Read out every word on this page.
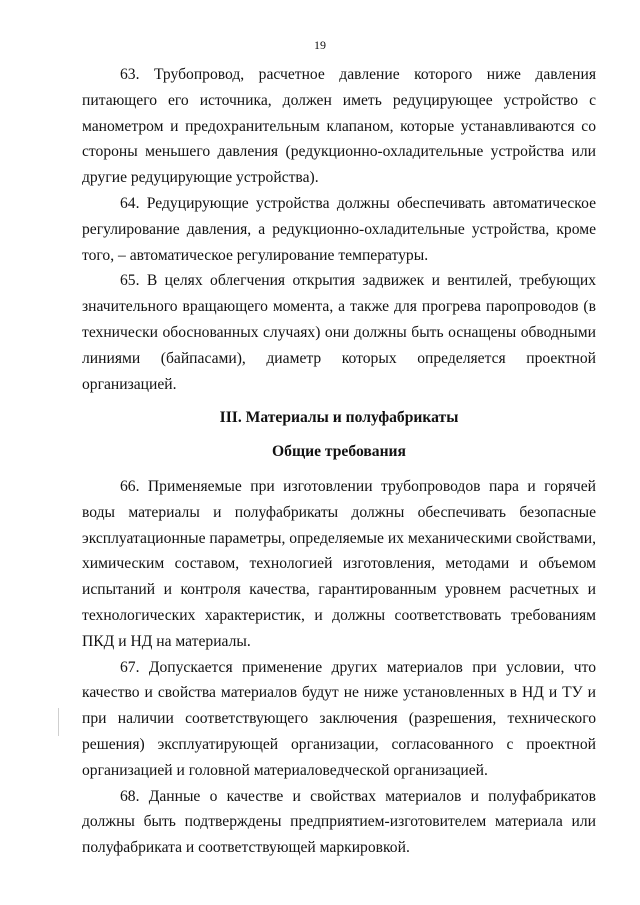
19

63. Трубопровод, расчетное давление которого ниже давления питающего его источника, должен иметь редуцирующее устройство с манометром и предохранительным клапаном, которые устанавливаются со стороны меньшего давления (редукционно-охладительные устройства или другие редуцирующие устройства).

64. Редуцирующие устройства должны обеспечивать автоматическое регулирование давления, а редукционно-охладительные устройства, кроме того, – автоматическое регулирование температуры.

65. В целях облегчения открытия задвижек и вентилей, требующих значительного вращающего момента, а также для прогрева паропроводов (в технически обоснованных случаях) они должны быть оснащены обводными линиями (байпасами), диаметр которых определяется проектной организацией.

III. Материалы и полуфабрикаты

Общие требования

66. Применяемые при изготовлении трубопроводов пара и горячей воды материалы и полуфабрикаты должны обеспечивать безопасные эксплуатационные параметры, определяемые их механическими свойствами, химическим составом, технологией изготовления, методами и объемом испытаний и контроля качества, гарантированным уровнем расчетных и технологических характеристик, и должны соответствовать требованиям ПКД и НД на материалы.

67. Допускается применение других материалов при условии, что качество и свойства материалов будут не ниже установленных в НД и ТУ и при наличии соответствующего заключения (разрешения, технического решения) эксплуатирующей организации, согласованного с проектной организацией и головной материаловедческой организацией.

68. Данные о качестве и свойствах материалов и полуфабрикатов должны быть подтверждены предприятием-изготовителем материала или полуфабриката и соответствующей маркировкой.
